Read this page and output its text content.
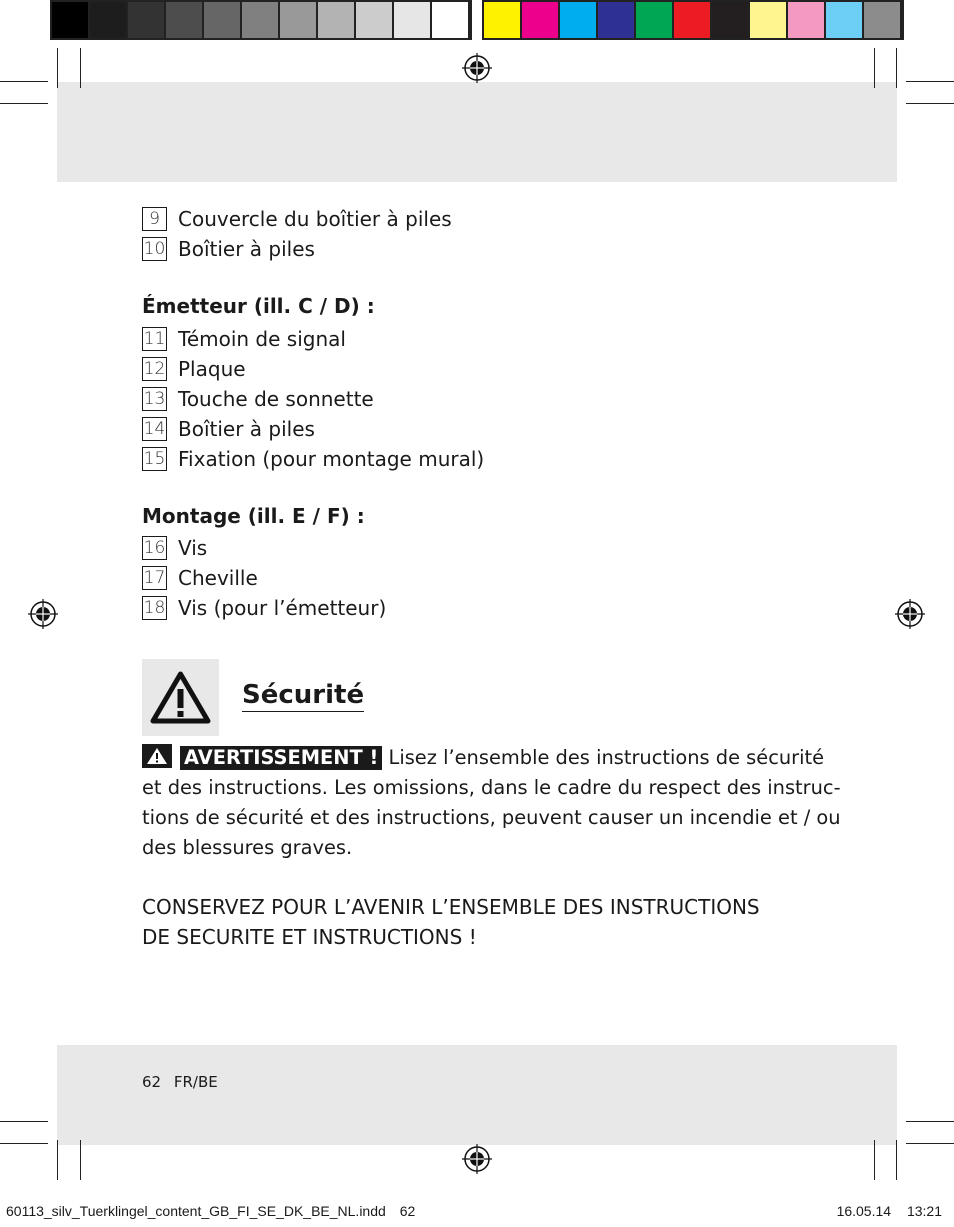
9 Couvercle du boîtier à piles
10 Boîtier à piles
Émetteur (ill. C / D) :
11 Témoin de signal
12 Plaque
13 Touche de sonnette
14 Boîtier à piles
15 Fixation (pour montage mural)
Montage (ill. E / F) :
16 Vis
17 Cheville
18 Vis (pour l’émetteur)
Sécurité
AVERTISSEMENT ! Lisez l’ensemble des instructions de sécurité
et des instructions. Les omissions, dans le cadre du respect des instruc-
tions de sécurité et des instructions, peuvent causer un incendie et / ou
des blessures graves.
CONSERVEZ POUR L’AVENIR L’ENSEMBLE DES INSTRUCTIONS
DE SECURITE ET INSTRUCTIONS !
62 FR/BE
60113_silv_Tuerklingel_content_GB_FI_SE_DK_BE_NL.indd 62	16.05.14 13:21
